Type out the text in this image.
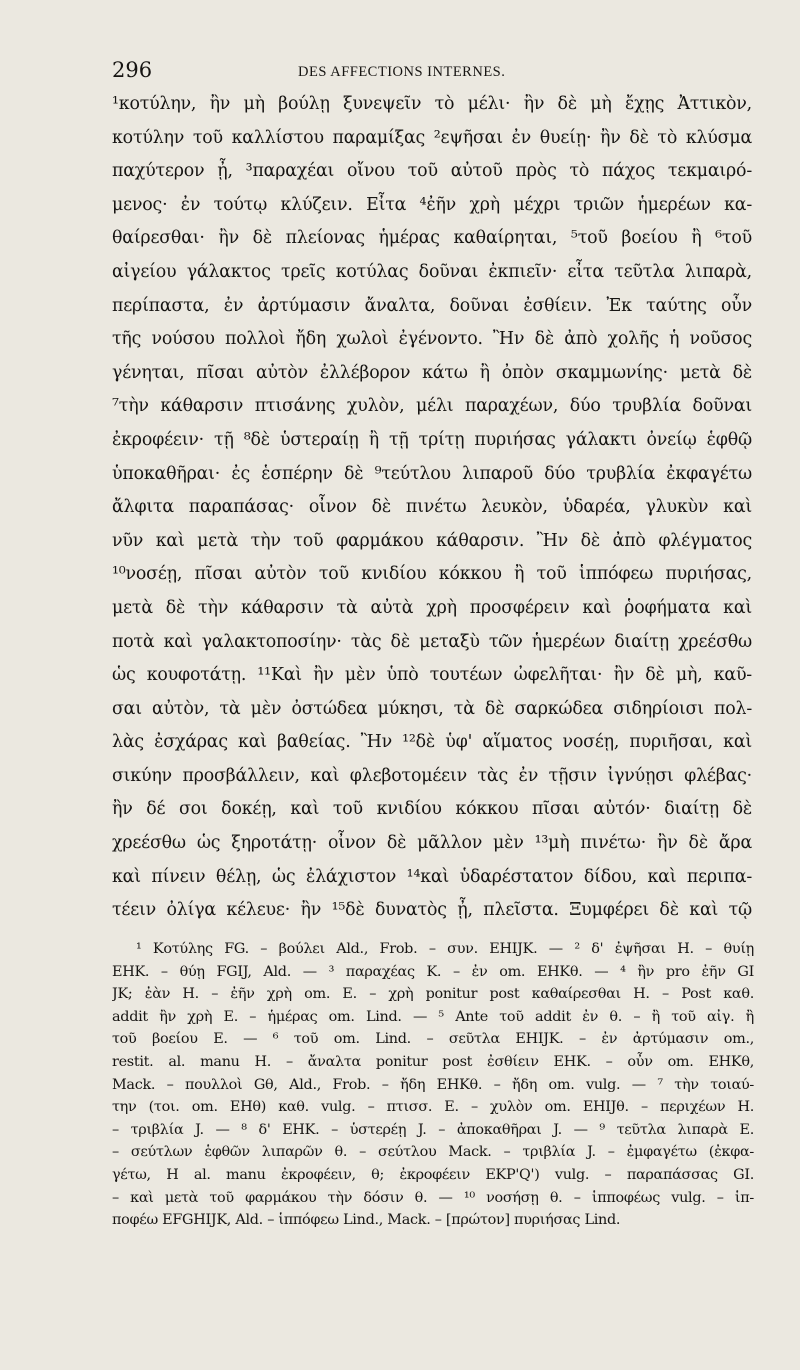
296	DES AFFECTIONS INTERNES.
¹κοτύλην, ἢν μὴ βούλῃ ξυνεψεῖν τὸ μέλι· ἢν δὲ μὴ ἔχῃς Ἀττικὸν,
κοτύλην τοῦ καλλίστου παραμίξας ²εψῆσαι ἐν θυείῃ· ἢν δὲ τὸ κλύσμα
παχύτερον ᾖ, ³παραχέαι οἴνου τοῦ αὐτοῦ πρὸς τὸ πάχος τεκμαιρό-
μενος· ἐν τούτῳ κλύζειν. Εἶτα ⁴ἐῆν χρὴ μέχρι τριῶν ἡμερέων κα-
θαίρεσθαι· ἢν δὲ πλείονας ἡμέρας καθαίρηται, ⁵τοῦ βοείου ἢ ⁶τοῦ
αἰγείου γάλακτος τρεῖς κοτύλας δοῦναι ἐκπιεῖν· εἶτα τεῦτλα λιπαρὰ,
περίπαστα, ἐν ἀρτύμασιν ἄναλτα, δοῦναι ἐσθίειν. Ἐκ ταύτης οὖν
τῆς νούσου πολλοὶ ἤδη χωλοὶ ἐγένοντο. Ἢν δὲ ἀπὸ χολῆς ἡ νοῦσος
γένηται, πῖσαι αὐτὸν ἐλλέβορον κάτω ἢ ὀπὸν σκαμμωνίης· μετὰ δὲ
⁷τὴν κάθαρσιν πτισάνης χυλὸν, μέλι παραχέων, δύο τρυβλία δοῦναι
ἐκροφέειν· τῇ ⁸δὲ ὑστεραίῃ ἢ τῇ τρίτῃ πυριήσας γάλακτι ὀνείῳ ἑφθῷ
ὑποκαθῆραι· ἐς ἑσπέρην δὲ ⁹τεύτλου λιπαροῦ δύο τρυβλία ἐκφαγέτω
ἄλφιτα παραπάσας· οἶνον δὲ πινέτω λευκὸν, ὑδαρέα, γλυκὺν καὶ
νῦν καὶ μετὰ τὴν τοῦ φαρμάκου κάθαρσιν. Ἢν δὲ ἀπὸ φλέγματος
¹⁰νοσέῃ, πῖσαι αὐτὸν τοῦ κνιδίου κόκκου ἢ τοῦ ἱππόφεω πυριήσας,
μετὰ δὲ τὴν κάθαρσιν τὰ αὐτὰ χρὴ προσφέρειν καὶ ῥοφήματα καὶ
ποτὰ καὶ γαλακτοποσίην· τὰς δὲ μεταξὺ τῶν ἡμερέων διαίτῃ χρεέσθω
ὡς κουφοτάτῃ. ¹¹Καὶ ἢν μὲν ὑπὸ τουτέων ὠφελῆται· ἢν δὲ μὴ, καῦ-
σαι αὐτὸν, τὰ μὲν ὀστώδεα μύκησι, τὰ δὲ σαρκώδεα σιδηρίοισι πολ-
λὰς ἐσχάρας καὶ βαθείας. Ἢν ¹²δὲ ὑφ' αἵματος νοσέῃ, πυριῆσαι, καὶ
σικύην προσβάλλειν, καὶ φλεβοτομέειν τὰς ἐν τῇσιν ἰγνύῃσι φλέβας·
ἢν δέ σοι δοκέῃ, καὶ τοῦ κνιδίου κόκκου πῖσαι αὐτόν· διαίτῃ δὲ
χρεέσθω ὡς ξηροτάτῃ· οἶνον δὲ μᾶλλον μὲν ¹³μὴ πινέτω· ἢν δὲ ἄρα
καὶ πίνειν θέλῃ, ὡς ἐλάχιστον ¹⁴καὶ ὑδαρέστατον δίδου, καὶ περιπα-
τέειν ὀλίγα κέλευε· ἢν ¹⁵δὲ δυνατὸς ᾖ, πλεῖστα. Ξυμφέρει δὲ καὶ τῷ
¹ Κοτύλης FG. – βούλει Ald., Frob. – συν. EHIJK. — ² δ' ἐψῆσαι H. – θυίῃ
EHK. – θύῃ FGIJ, Ald. — ³ παραχέας K. – ἐν om. EHKθ. — ⁴ ἢν pro ἐῆν GI
JK; ἐὰν H. – ἐῆν χρὴ om. E. – χρὴ ponitur post καθαίρεσθαι H. – Post καθ.
addit ἢν χρὴ E. – ἡμέρας om. Lind. — ⁵ Ante τοῦ addit ἐν θ. – ἢ τοῦ αἰγ. ἢ
τοῦ βοείου E. — ⁶ τοῦ om. Lind. – σεῦτλα EHIJK. – ἐν ἀρτύμασιν om.,
restit. al. manu H. – ἄναλτα ponitur post ἐσθίειν EHK. – οὖν om. EHKθ,
Mack. – πουλλοὶ Gθ, Ald., Frob. – ἤδη EHKθ. – ἤδη om. vulg. — ⁷ τὴν τοιαύ-
την (τοι. om. EHθ) καθ. vulg. – πτισσ. E. – χυλὸν om. EHIJθ. – περιχέων H.
– τριβλία J. — ⁸ δ' EHK. – ὑστερέῃ J. – ἀποκαθῆραι J. — ⁹ τεῦτλα λιπαρὰ E.
– σεύτλων ἑφθῶν λιπαρῶν θ. – σεύτλου Mack. – τριβλία J. – ἐμφαγέτω (ἐκφα-
γέτω, H al. manu ἐκροφέειν, θ; ἐκροφέειν EKP'Q') vulg. – παραπάσσας GI.
– καὶ μετὰ τοῦ φαρμάκου τὴν δόσιν θ. — ¹⁰ νοσήσῃ θ. – ἱπποφέως vulg. – ἱπ-
ποφέω EFGHIJK, Ald. – ἱππόφεω Lind., Mack. – [πρώτον] πυριήσας Lind.
